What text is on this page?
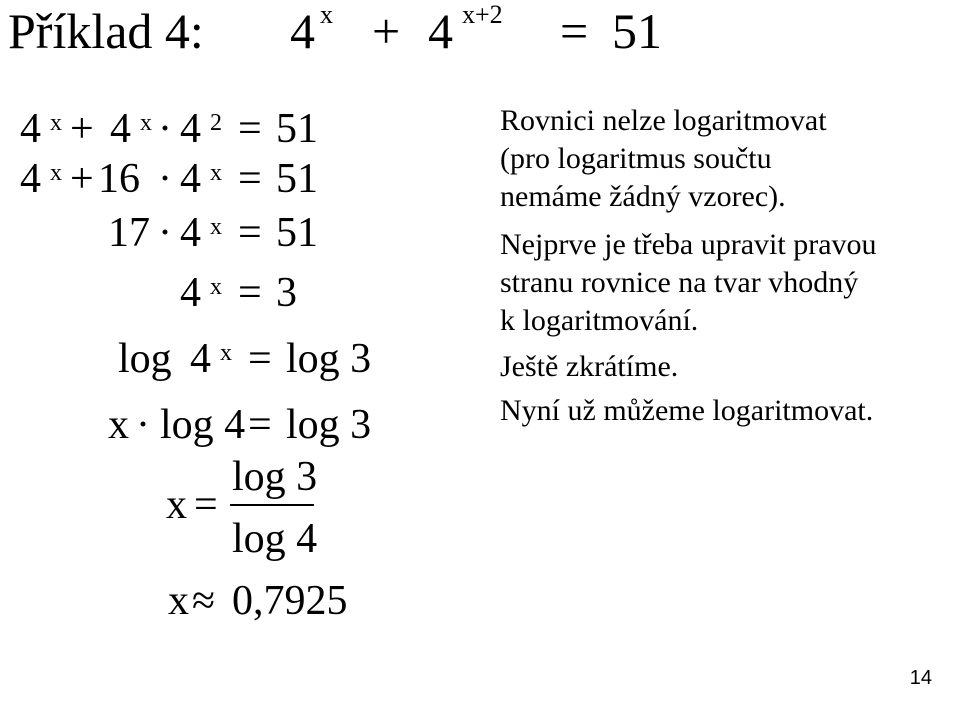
Příklad 4: 4 x + 4 x+2 = 51
4 x + 4 x · 4 2 = 51
4 x + 16 · 4 x = 51
17 · 4 x = 51
4 x = 3
log 4 x = log 3
x · log 4 = log 3
x =
log 3
log 4
x ≈ 0,7925
Rovnici nelze logaritmovat
(pro logaritmus součtu
nemáme žádný vzorec).
Nejprve je třeba upravit pravou
stranu rovnice na tvar vhodný
k logaritmování.
Ještě zkrátíme.
Nyní už můžeme logaritmovat.
14
